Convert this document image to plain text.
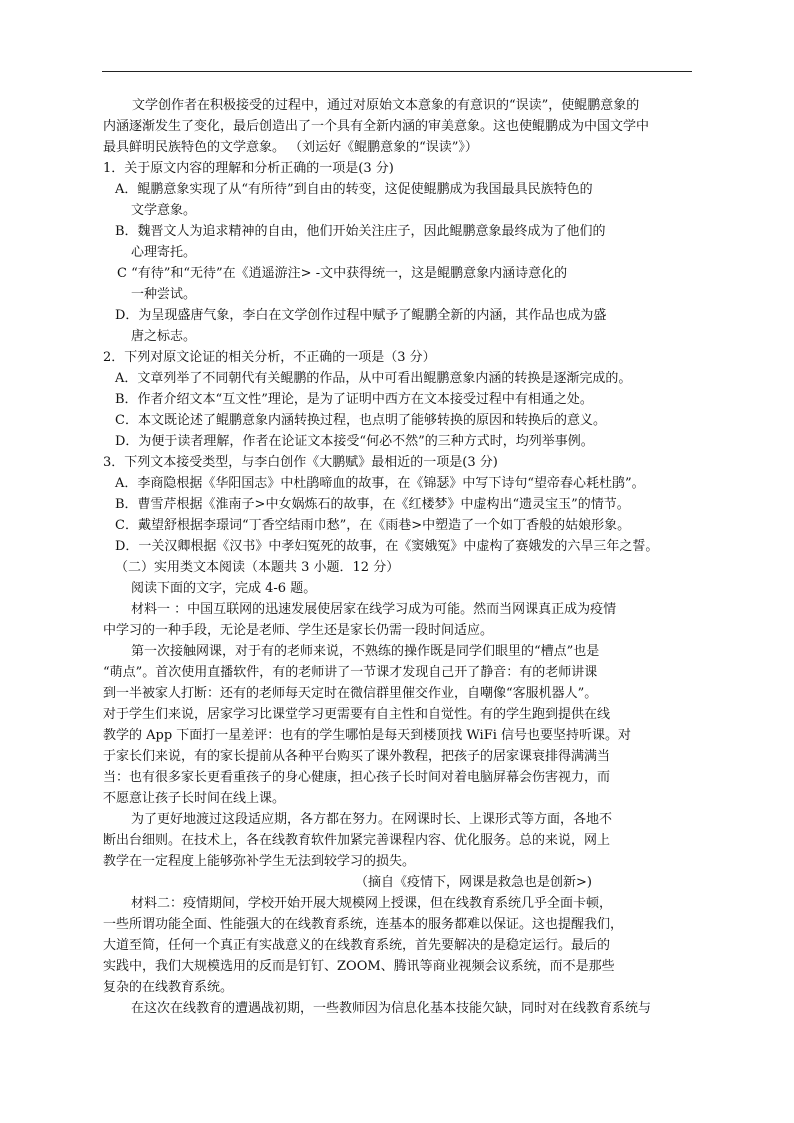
文学创作者在积极接受的过程中，通过对原始文本意象的有意识的“误读”，使鲲鹏意象的
内涵逐渐发生了变化，最后创造出了一个具有全新内涵的审美意象。这也使鲲鹏成为中国文学中
最具鲜明民族特色的文学意象。 （刘运好《鲲鹏意象的“误读”》）
1．关于原文内容的理解和分析正确的一项是(3 分)
A．鲲鹏意象实现了从“有所待”到自由的转变，这促使鲲鹏成为我国最具民族特色的
文学意象。
B．魏晋文人为追求精神的自由，他们开始关注庄子，因此鲲鹏意象最终成为了他们的
心理寄托。
C “有待”和“无待”在《逍遥游注> -文中获得统一，这是鲲鹏意象内涵诗意化的
一种尝试。
D．为呈现盛唐气象，李白在文学创作过程中赋予了鲲鹏全新的内涵，其作品也成为盛
唐之标志。
2．下列对原文论证的相关分析，不正确的一项是（3 分）
A．文章列举了不同朝代有关鲲鹏的作品，从中可看出鲲鹏意象内涵的转换是逐渐完成的。
B．作者介绍文本“互文性”理论，是为了证明中西方在文本接受过程中有相通之处。
C．本文既论述了鲲鹏意象内涵转换过程，也点明了能够转换的原因和转换后的意义。
D．为便于读者理解，作者在论证文本接受“何必不然”的三种方式时，均列举事例。
3．下列文本接受类型，与李白创作《大鹏赋》最相近的一项是(3 分)
A．李商隐根据《华阳国志》中杜鹃啼血的故事，在《锦瑟》中写下诗句“望帝春心耗杜鹃”。
B．曹雪芹根据《淮南子>中女娲炼石的故事，在《红楼梦》中虚构出“遗灵宝玉”的情节。
C．戴望舒根据李璟词“丁香空结雨巾愁”，在《雨巷>中塑造了一个如丁香般的姑娘形象。
D．一关汉卿根据《汉书》中孝妇冤死的故事，在《窦娥冤》中虚构了赛娥发的六旱三年之誓。
（二）实用类文本阅读（本题共 3 小题．12 分）
阅读下面的文字，完成 4-6 题。
材料一 ：中国互联网的迅速发展使居家在线学习成为可能。然而当网课真正成为疫情
中学习的一种手段，无论是老师、学生还是家长仍需一段时间适应。
第一次接触网课，对于有的老师来说，不熟练的操作既是同学们眼里的“槽点”也是
“萌点”。首次使用直播软件，有的老师讲了一节课才发现自己开了静音：有的老师讲课
到一半被家人打断：还有的老师每天定时在微信群里催交作业，自嘲像“客服机器人”。
对于学生们来说，居家学习比课堂学习更需要有自主性和自觉性。有的学生跑到提供在线
教学的 App 下面打一星差评：也有的学生哪怕是每天到楼顶找 WiFi 信号也要坚持听课。对
于家长们来说，有的家长提前从各种平台购买了课外教程，把孩子的居家课衰排得满满当
当：也有很多家长更看重孩子的身心健康，担心孩子长时间对着电脑屏幕会伤害视力，而
不愿意让孩子长时间在线上课。
为了更好地渡过这段适应期，各方都在努力。在网课时长、上课形式等方面，各地不
断出台细则。在技术上，各在线教育软件加紧完善课程内容、优化服务。总的来说，网上
教学在一定程度上能够弥补学生无法到较学习的损失。
（摘自《疫情下，网课是救急也是创新>)
材料二：疫情期间，学校开始开展大规模网上授课，但在线教育系统几乎全面卡顿，
一些所谓功能全面、性能强大的在线教育系统，连基本的服务都难以保证。这也提醒我们，
大道至简，任何一个真正有实战意义的在线教育系统，首先要解决的是稳定运行。最后的
实践中，我们大规模选用的反而是钉钉、ZOOM、腾讯等商业视频会议系统，而不是那些
复杂的在线教育系统。
在这次在线教育的遭遇战初期，一些教师因为信息化基本技能欠缺，同时对在线教育系统与
